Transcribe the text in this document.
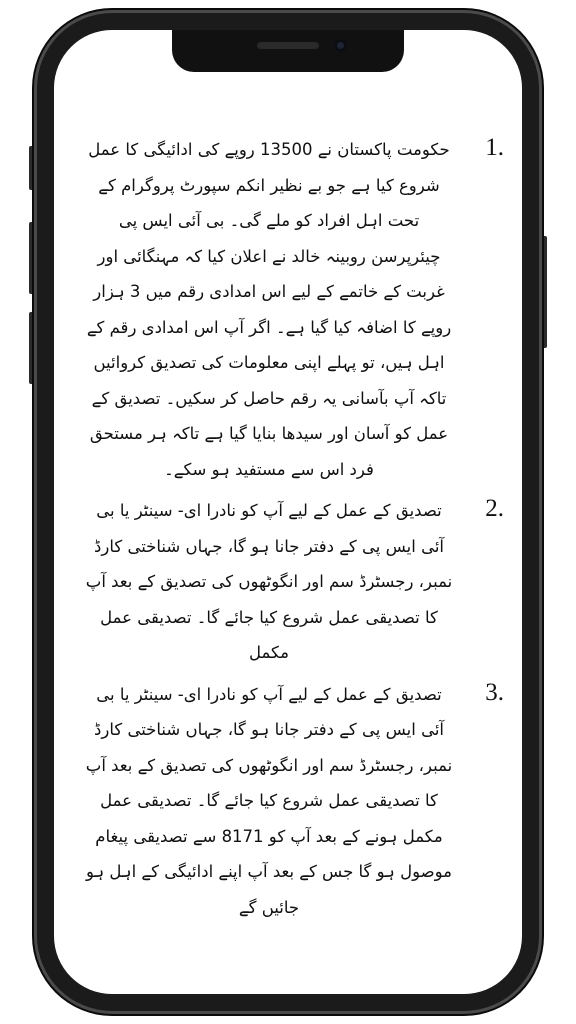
1.

حکومت پاکستان نے 13500 روپے کی ادائیگی کا عمل شروع کیا ہے جو بے نظیر انکم سپورٹ پروگرام کے تحت اہل افراد کو ملے گی۔ بی آئی ایس پی چیئرپرسن روبینہ خالد نے اعلان کیا کہ مہنگائی اور غربت کے خاتمے کے لیے اس امدادی رقم میں 3 ہزار روپے کا اضافہ کیا گیا ہے۔ اگر آپ اس امدادی رقم کے اہل ہیں، تو پہلے اپنی معلومات کی تصدیق کروائیں تاکہ آپ بآسانی یہ رقم حاصل کر سکیں۔ تصدیق کے عمل کو آسان اور سیدھا بنایا گیا ہے تاکہ ہر مستحق فرد اس سے مستفید ہو سکے۔

2.

تصدیق کے عمل کے لیے آپ کو نادرا ای- سینٹر یا بی آئی ایس پی کے دفتر جانا ہو گا، جہاں شناختی کارڈ نمبر، رجسٹرڈ سم اور انگوٹھوں کی تصدیق کے بعد آپ کا تصدیقی عمل شروع کیا جائے گا۔ تصدیقی عمل مکمل

3.

تصدیق کے عمل کے لیے آپ کو نادرا ای- سینٹر یا بی آئی ایس پی کے دفتر جانا ہو گا، جہاں شناختی کارڈ نمبر، رجسٹرڈ سم اور انگوٹھوں کی تصدیق کے بعد آپ کا تصدیقی عمل شروع کیا جائے گا۔ تصدیقی عمل مکمل ہونے کے بعد آپ کو 8171 سے تصدیقی پیغام موصول ہو گا جس کے بعد آپ اپنے ادائیگی کے اہل ہو جائیں گے
